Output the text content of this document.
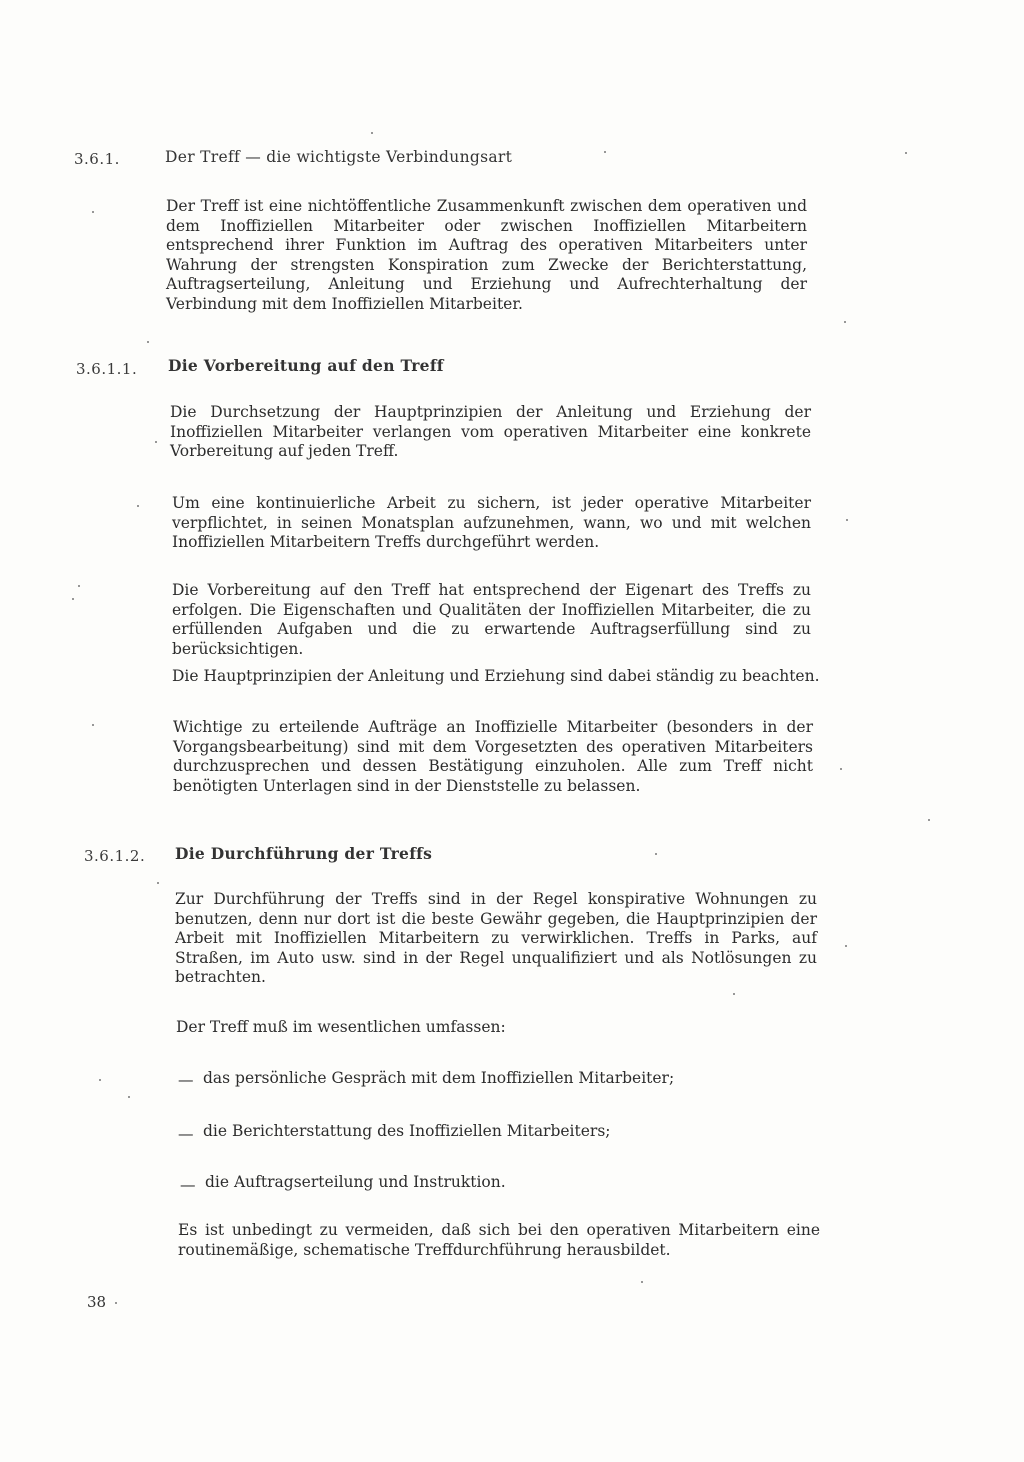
3.6.1.	Der Treff — die wichtigste Verbindungsart

Der Treff ist eine nichtöffentliche Zusammenkunft zwischen dem operativen und dem Inoffiziellen Mitarbeiter oder zwischen Inoffiziellen Mitarbeitern entsprechend ihrer Funktion im Auftrag des operativen Mitarbeiters unter Wahrung der strengsten Konspiration zum Zwecke der Berichterstattung, Auftragserteilung, Anleitung und Erziehung und Aufrechterhaltung der Verbindung mit dem Inoffiziellen Mitarbeiter.

3.6.1.1. Die Vorbereitung auf den Treff

Die Durchsetzung der Hauptprinzipien der Anleitung und Erziehung der Inoffiziellen Mitarbeiter verlangen vom operativen Mitarbeiter eine konkrete Vorbereitung auf jeden Treff.

Um eine kontinuierliche Arbeit zu sichern, ist jeder operative Mitarbeiter verpflichtet, in seinen Monatsplan aufzunehmen, wann, wo und mit welchen Inoffiziellen Mitarbeitern Treffs durchgeführt werden.

Die Vorbereitung auf den Treff hat entsprechend der Eigenart des Treffs zu erfolgen. Die Eigenschaften und Qualitäten der Inoffiziellen Mitarbeiter, die zu erfüllenden Aufgaben und die zu erwartende Auftragserfüllung sind zu berücksichtigen.

Die Hauptprinzipien der Anleitung und Erziehung sind dabei ständig zu beachten.

Wichtige zu erteilende Aufträge an Inoffizielle Mitarbeiter (besonders in der Vorgangsbearbeitung) sind mit dem Vorgesetzten des operativen Mitarbeiters durchzusprechen und dessen Bestätigung einzuholen. Alle zum Treff nicht benötigten Unterlagen sind in der Dienststelle zu belassen.

3.6.1.2. Die Durchführung der Treffs

Zur Durchführung der Treffs sind in der Regel konspirative Wohnungen zu benutzen, denn nur dort ist die beste Gewähr gegeben, die Hauptprinzipien der Arbeit mit Inoffiziellen Mitarbeitern zu verwirklichen. Treffs in Parks, auf Straßen, im Auto usw. sind in der Regel unqualifiziert und als Notlösungen zu betrachten.

Der Treff muß im wesentlichen umfassen:
— das persönliche Gespräch mit dem Inoffiziellen Mitarbeiter;
— die Berichterstattung des Inoffiziellen Mitarbeiters;
— die Auftragserteilung und Instruktion.

Es ist unbedingt zu vermeiden, daß sich bei den operativen Mitarbeitern eine routinemäßige, schematische Treffdurchführung herausbildet.

38
